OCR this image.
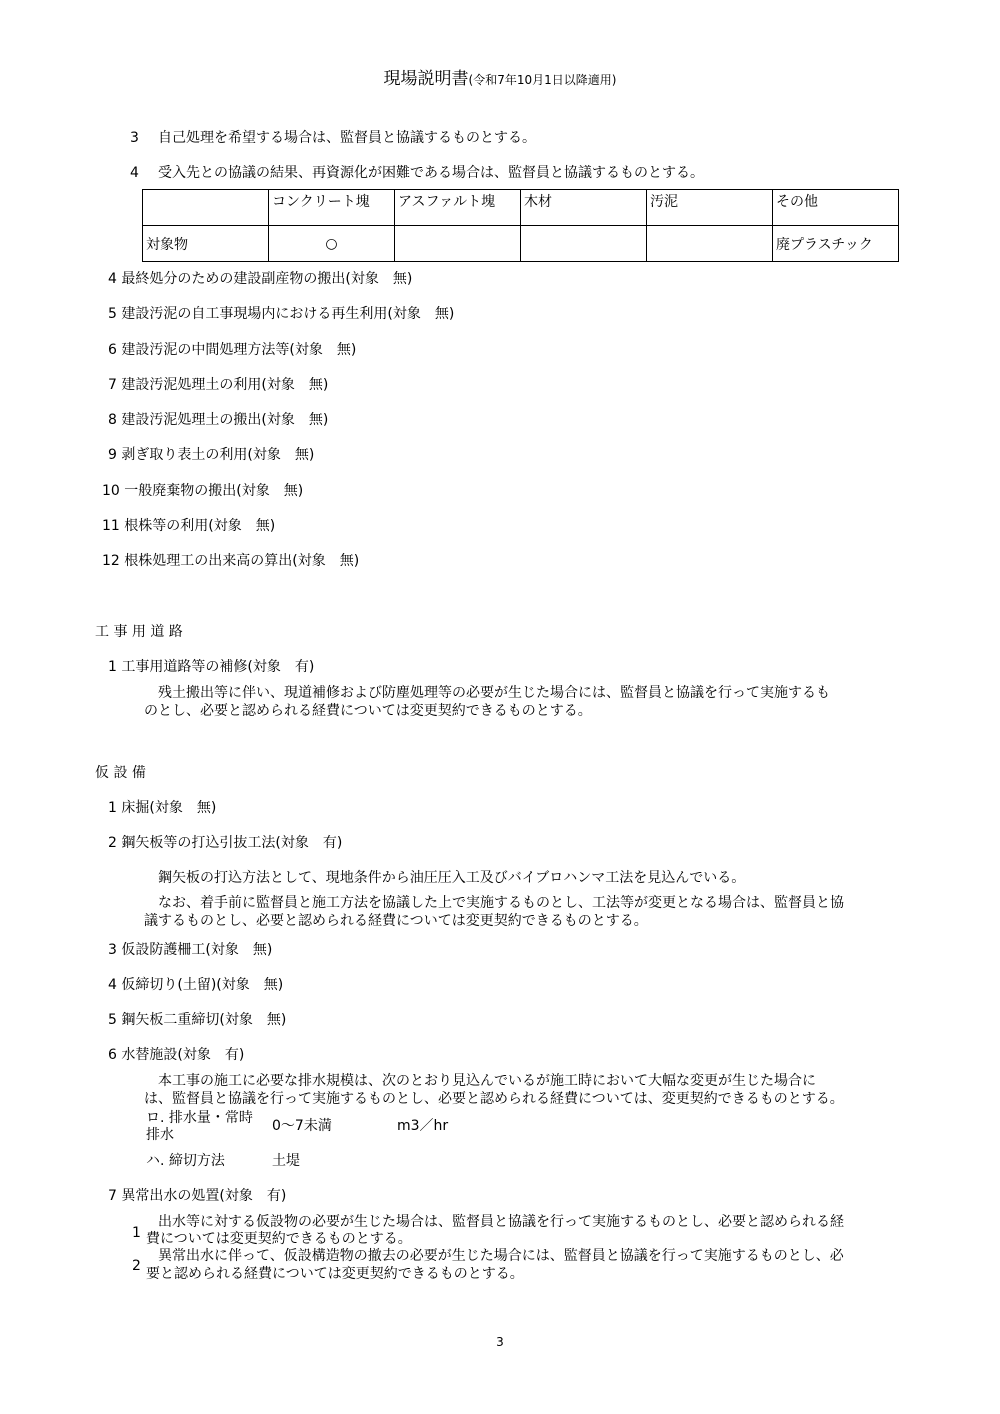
現場説明書(令和7年10月1日以降適用)
3 自己処理を希望する場合は、監督員と協議するものとする。
4 受入先との協議の結果、再資源化が困難である場合は、監督員と協議するものとする。
	コンクリート塊	アスファルト塊	木材	汚泥	その他
対象物	○				廃プラスチック
4 最終処分のための建設副産物の搬出(対象　無)
5 建設汚泥の自工事現場内における再生利用(対象　無)
6 建設汚泥の中間処理方法等(対象　無)
7 建設汚泥処理土の利用(対象　無)
8 建設汚泥処理土の搬出(対象　無)
9 剥ぎ取り表土の利用(対象　無)
10 一般廃棄物の搬出(対象　無)
11 根株等の利用(対象　無)
12 根株処理工の出来高の算出(対象　無)
工 事 用 道 路
1 工事用道路等の補修(対象　有)
残土搬出等に伴い、現道補修および防塵処理等の必要が生じた場合には、監督員と協議を行って実施するも
のとし、必要と認められる経費については変更契約できるものとする。
仮 設 備
1 床掘(対象　無)
2 鋼矢板等の打込引抜工法(対象　有)
鋼矢板の打込方法として、現地条件から油圧圧入工及びバイブロハンマ工法を見込んでいる。
なお、着手前に監督員と施工方法を協議した上で実施するものとし、工法等が変更となる場合は、監督員と協
議するものとし、必要と認められる経費については変更契約できるものとする。
3 仮設防護柵工(対象　無)
4 仮締切り(土留)(対象　無)
5 鋼矢板二重締切(対象　無)
6 水替施設(対象　有)
本工事の施工に必要な排水規模は、次のとおり見込んでいるが施工時において大幅な変更が生じた場合に
は、監督員と協議を行って実施するものとし、必要と認められる経費については、変更契約できるものとする。
ロ. 排水量・常時
排水
0～7未満	m3／hr
ハ. 締切方法	土堤
7 異常出水の処置(対象　有)
1
出水等に対する仮設物の必要が生じた場合は、監督員と協議を行って実施するものとし、必要と認められる経
費については変更契約できるものとする。
2
異常出水に伴って、仮設構造物の撤去の必要が生じた場合には、監督員と協議を行って実施するものとし、必
要と認められる経費については変更契約できるものとする。
3
